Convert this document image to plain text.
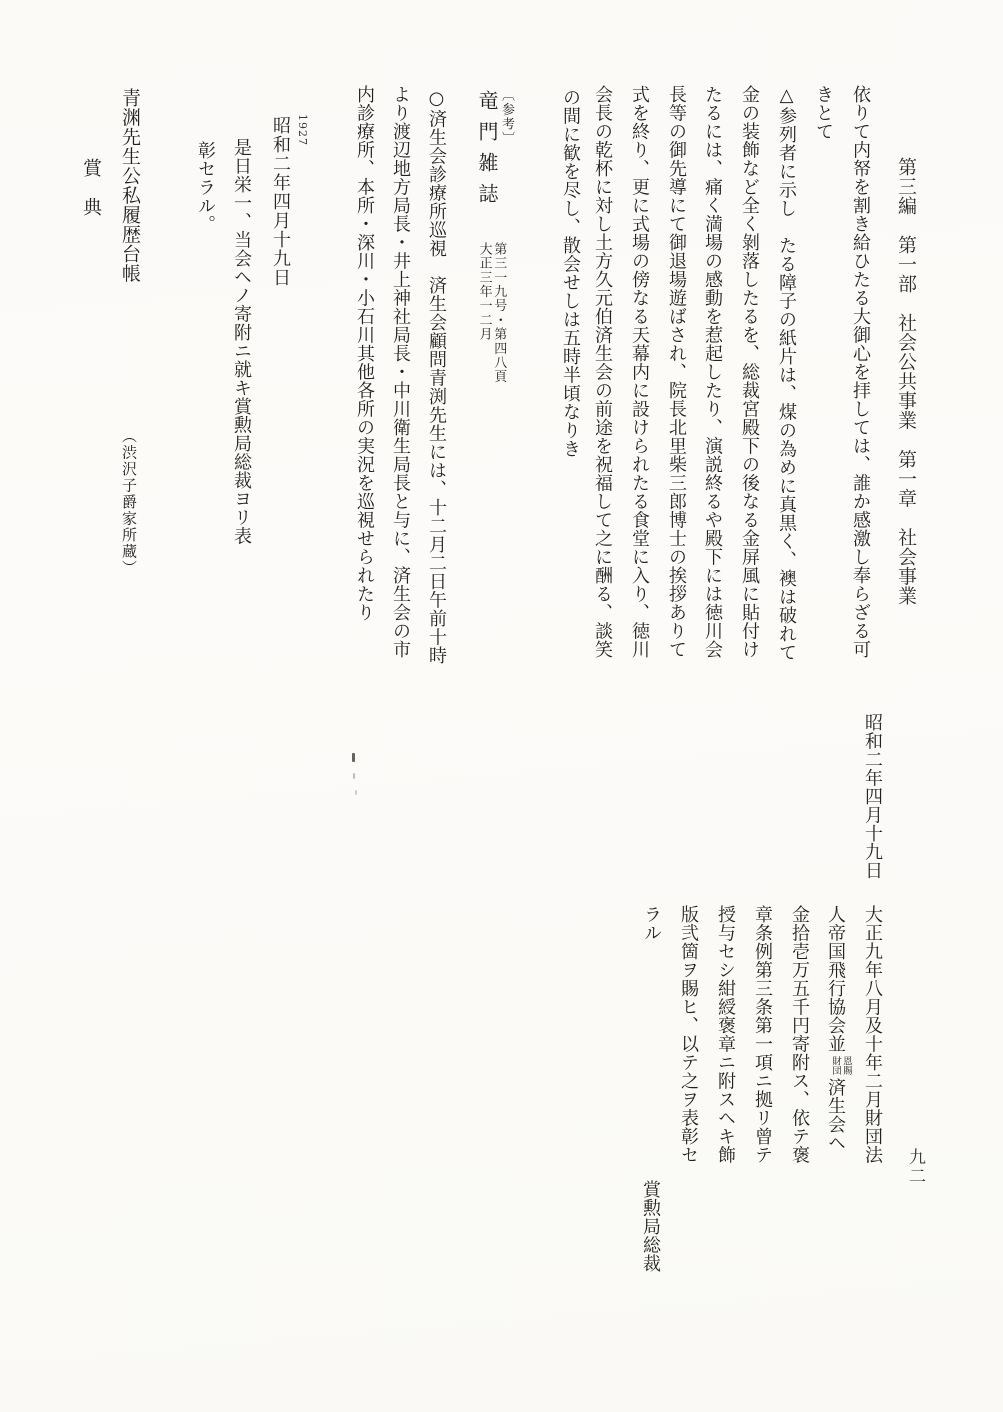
第三編　第一部　社会公共事業　第一章　社会事業
依りて内帑を割き給ひたる大御心を拝しては、誰か感激し奉らざる可
きとて
△参列者に示し　たる障子の紙片は、煤の為めに真黒く、襖は破れて
金の装飾など全く剝落したるを、総裁宮殿下の後なる金屏風に貼付け
たるには、痛く満場の感動を惹起したり、演説終るや殿下には徳川会
長等の御先導にて御退場遊ばされ、院長北里柴三郎博士の挨拶ありて
式を終り、更に式場の傍なる天幕内に設けられたる食堂に入り、徳川
会長の乾杯に対し土方久元伯済生会の前途を祝福して之に酬る、談笑
の間に歓を尽し、散会せしは五時半頃なりき
〔参考〕
竜門雑誌
第三一九号・第四八頁
大正三年一二月
○済生会診療所巡視　済生会顧問青渕先生には、十二月二日午前十時
より渡辺地方局長・井上神社局長・中川衛生局長と与に、済生会の市
内診療所、本所・深川・小石川其他各所の実況を巡視せられたり
1927
昭和二年四月十九日
是日栄一、当会ヘノ寄附ニ就キ賞勲局総裁ヨリ表
彰セラル。
青渊先生公私履歴台帳
（渋沢子爵家所蔵）
賞　典
昭和二年四月十九日
大正九年八月及十年二月財団法
人帝国飛行協会並
恩賜
財団
済生会ヘ
金拾壱万五千円寄附ス、依テ褒
章条例第三条第一項ニ拠リ曾テ
授与セシ紺綬褒章ニ附スヘキ飾
版弐箇ヲ賜ヒ、以テ之ヲ表彰セ
ラル
賞勲局総裁
九二
